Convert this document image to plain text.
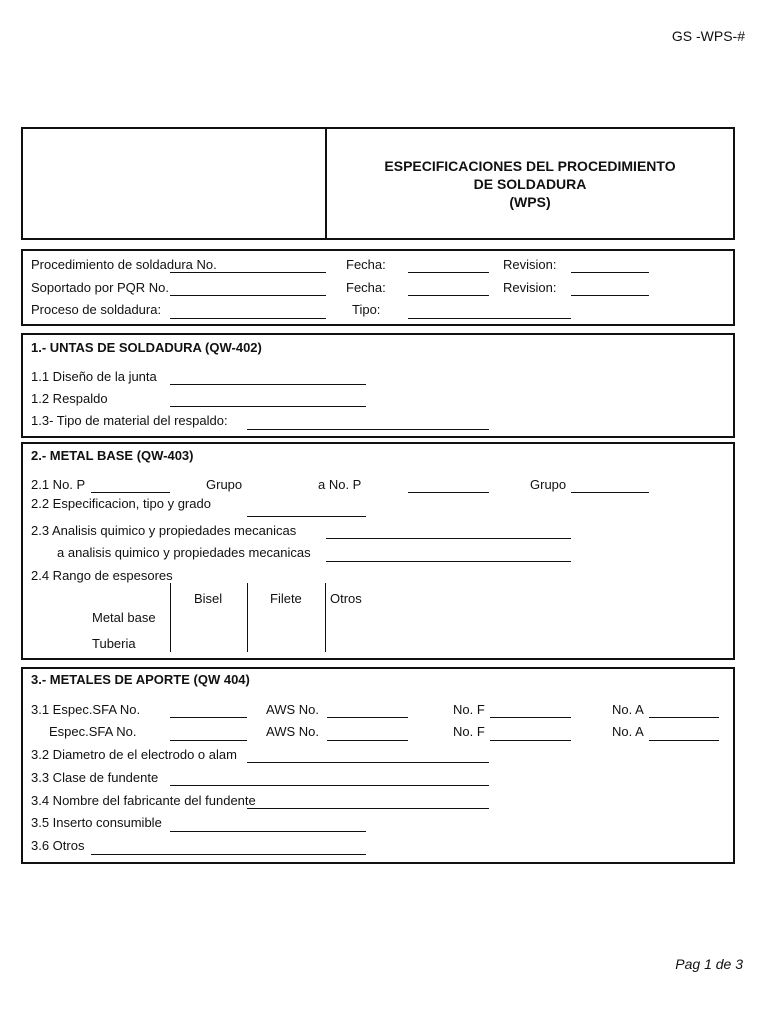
GS -WPS-#
ESPECIFICACIONES DEL PROCEDIMIENTO
DE SOLDADURA
(WPS)
Procedimiento de soldadura No.	Fecha:	Revision:
Soportado por PQR No.	Fecha:	Revision:
Proceso de soldadura:	Tipo:
1.- UNTAS DE SOLDADURA (QW-402)
1.1 Diseño de la junta
1.2 Respaldo
1.3- Tipo de material del respaldo:
2.- METAL BASE (QW-403)
2.1 No. P	Grupo	a No. P	Grupo
2.2 Especificacion, tipo y grado
2.3 Analisis quimico y propiedades mecanicas
a analisis quimico y propiedades mecanicas
2.4 Rango de espesores
Bisel	Filete Otros
Metal base
Tuberia
3.- METALES DE APORTE (QW 404)
3.1 Espec.SFA No.	AWS No.	No. F	No. A
Espec.SFA No.	AWS No.	No. F	No. A
3.2 Diametro de el electrodo o alam
3.3 Clase de fundente
3.4 Nombre del fabricante del fundente
3.5 Inserto consumible
3.6 Otros
Pag 1 de 3
